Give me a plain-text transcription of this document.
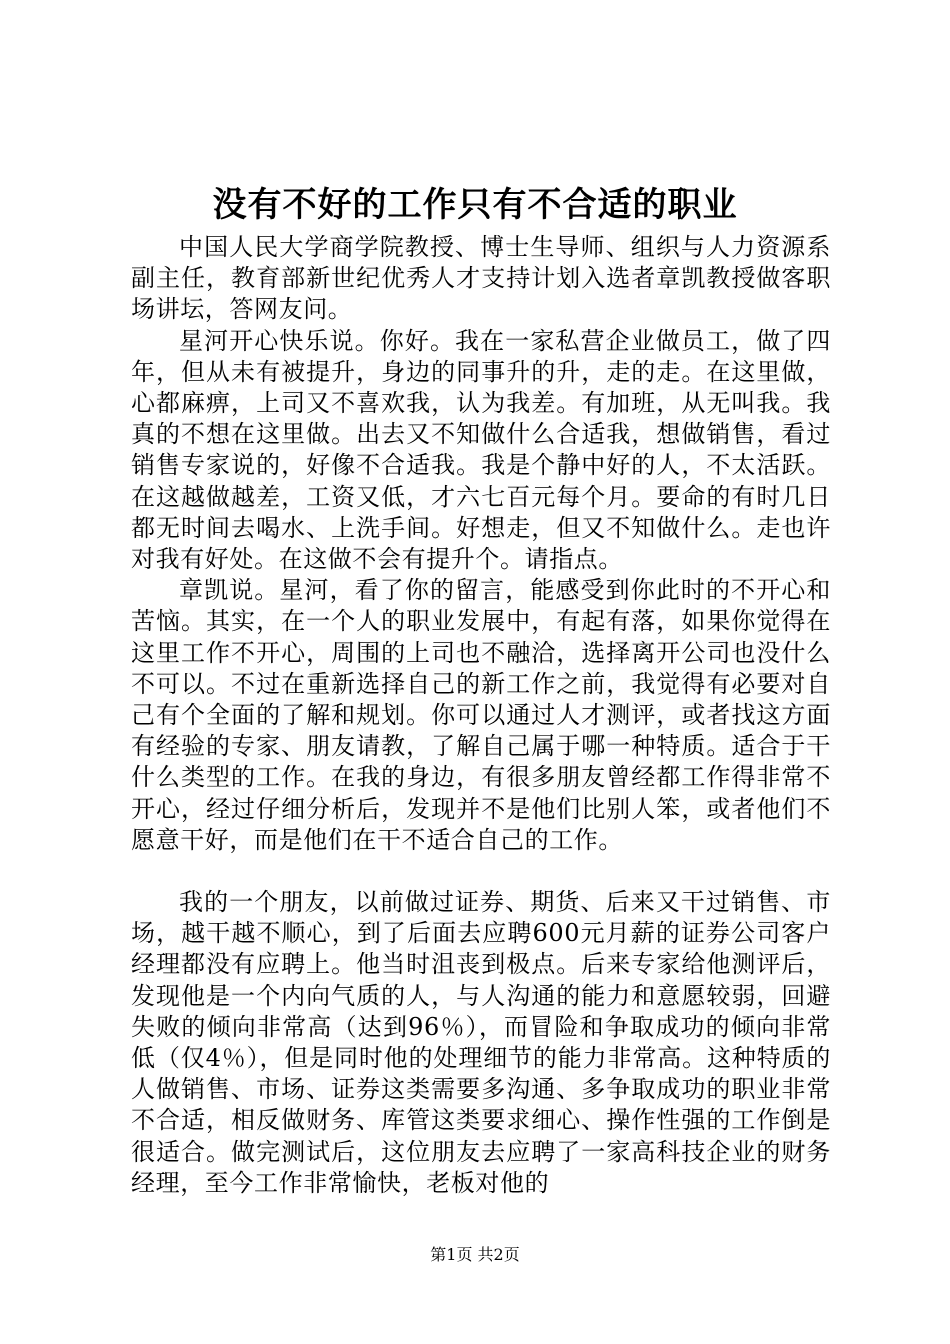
没有不好的工作只有不合适的职业

中国人民大学商学院教授、博士生导师、组织与人力资源系副主任，教育部新世纪优秀人才支持计划入选者章凯教授做客职场讲坛，答网友问。

星河开心快乐说。你好。我在一家私营企业做员工，做了四年，但从未有被提升，身边的同事升的升，走的走。在这里做，心都麻痹，上司又不喜欢我，认为我差。有加班，从无叫我。我真的不想在这里做。出去又不知做什么合适我，想做销售，看过销售专家说的，好像不合适我。我是个静中好的人，不太活跃。在这越做越差，工资又低，才六七百元每个月。要命的有时几日都无时间去喝水、上洗手间。好想走，但又不知做什么。走也许对我有好处。在这做不会有提升个。请指点。

章凯说。星河，看了你的留言，能感受到你此时的不开心和苦恼。其实，在一个人的职业发展中，有起有落，如果你觉得在这里工作不开心，周围的上司也不融洽，选择离开公司也没什么不可以。不过在重新选择自己的新工作之前，我觉得有必要对自己有个全面的了解和规划。你可以通过人才测评，或者找这方面有经验的专家、朋友请教，了解自己属于哪一种特质。适合于干什么类型的工作。在我的身边，有很多朋友曾经都工作得非常不开心，经过仔细分析后，发现并不是他们比别人笨，或者他们不愿意干好，而是他们在干不适合自己的工作。

我的一个朋友，以前做过证券、期货、后来又干过销售、市场，越干越不顺心，到了后面去应聘600元月薪的证券公司客户经理都没有应聘上。他当时沮丧到极点。后来专家给他测评后，发现他是一个内向气质的人，与人沟通的能力和意愿较弱，回避失败的倾向非常高（达到96％），而冒险和争取成功的倾向非常低（仅4％），但是同时他的处理细节的能力非常高。这种特质的人做销售、市场、证券这类需要多沟通、多争取成功的职业非常不合适，相反做财务、库管这类要求细心、操作性强的工作倒是很适合。做完测试后，这位朋友去应聘了一家高科技企业的财务经理，至今工作非常愉快，老板对他的

第1页 共2页
